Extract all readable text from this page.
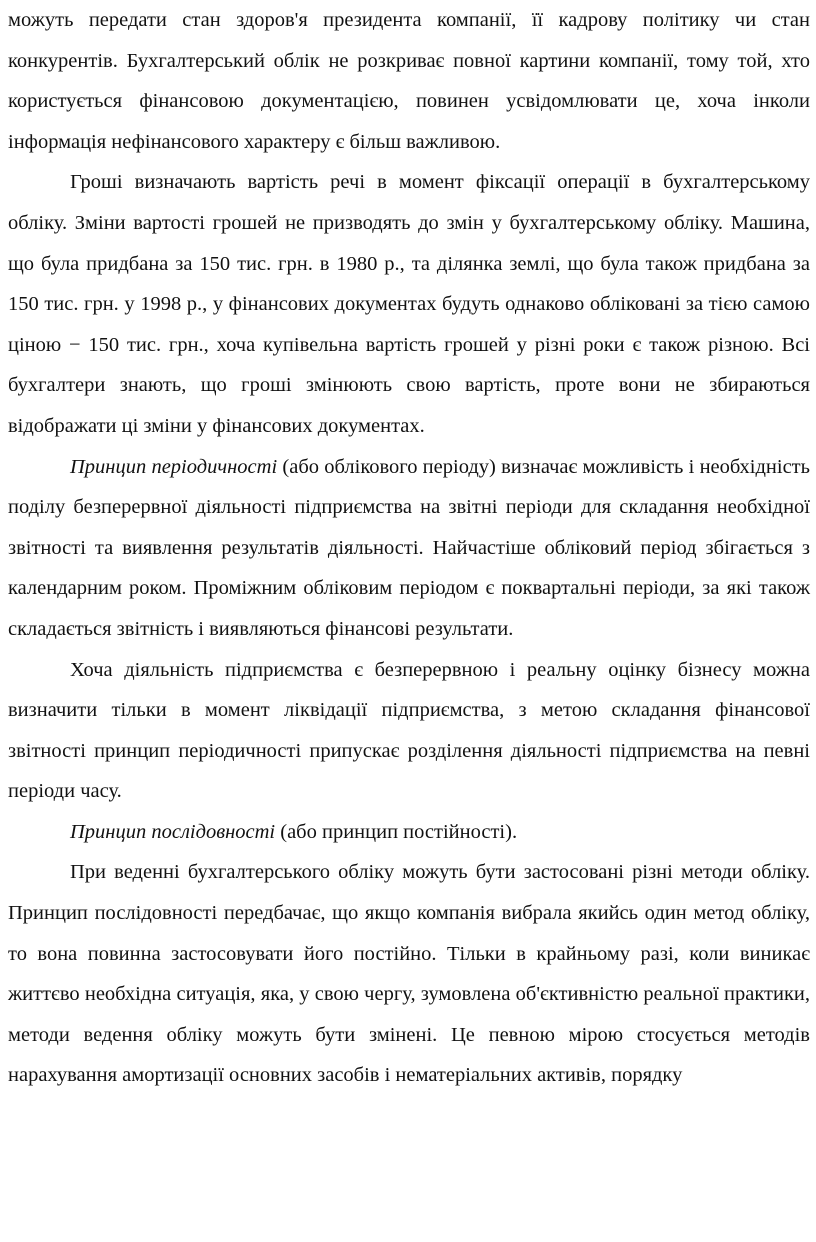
можуть передати стан здоров'я президента компанії, її кадрову політику чи стан конкурентів. Бухгалтерський облік не розкриває повної картини компанії, тому той, хто користується фінансовою документацією, повинен усвідомлювати це, хоча інколи інформація нефінансового характеру є більш важливою.

Гроші визначають вартість речі в момент фіксації операції в бухгалтерському обліку. Зміни вартості грошей не призводять до змін у бухгалтерському обліку. Машина, що була придбана за 150 тис. грн. в 1980 р., та ділянка землі, що була також придбана за 150 тис. грн. у 1998 р., у фінансових документах будуть однаково обліковані за тією самою ціною − 150 тис. грн., хоча купівельна вартість грошей у різні роки є також різною. Всі бухгалтери знають, що гроші змінюють свою вартість, проте вони не збираються відображати ці зміни у фінансових документах.

Принцип періодичності (або облікового періоду) визначає можливість і необхідність поділу безперервної діяльності підприємства на звітні періоди для складання необхідної звітності та виявлення результатів діяльності. Найчастіше обліковий період збігається з календарним роком. Проміжним обліковим періодом є поквартальні періоди, за які також складається звітність і виявляються фінансові результати.

Хоча діяльність підприємства є безперервною і реальну оцінку бізнесу можна визначити тільки в момент ліквідації підприємства, з метою складання фінансової звітності принцип періодичності припускає розділення діяльності підприємства на певні періоди часу.

Принцип послідовності (або принцип постійності).

При веденні бухгалтерського обліку можуть бути застосовані різні методи обліку. Принцип послідовності передбачає, що якщо компанія вибрала якийсь один метод обліку, то вона повинна застосовувати його постійно. Тільки в крайньому разі, коли виникає життєво необхідна ситуація, яка, у свою чергу, зумовлена об'єктивністю реальної практики, методи ведення обліку можуть бути змінені. Це певною мірою стосується методів нарахування амортизації основних засобів і нематеріальних активів, порядку
